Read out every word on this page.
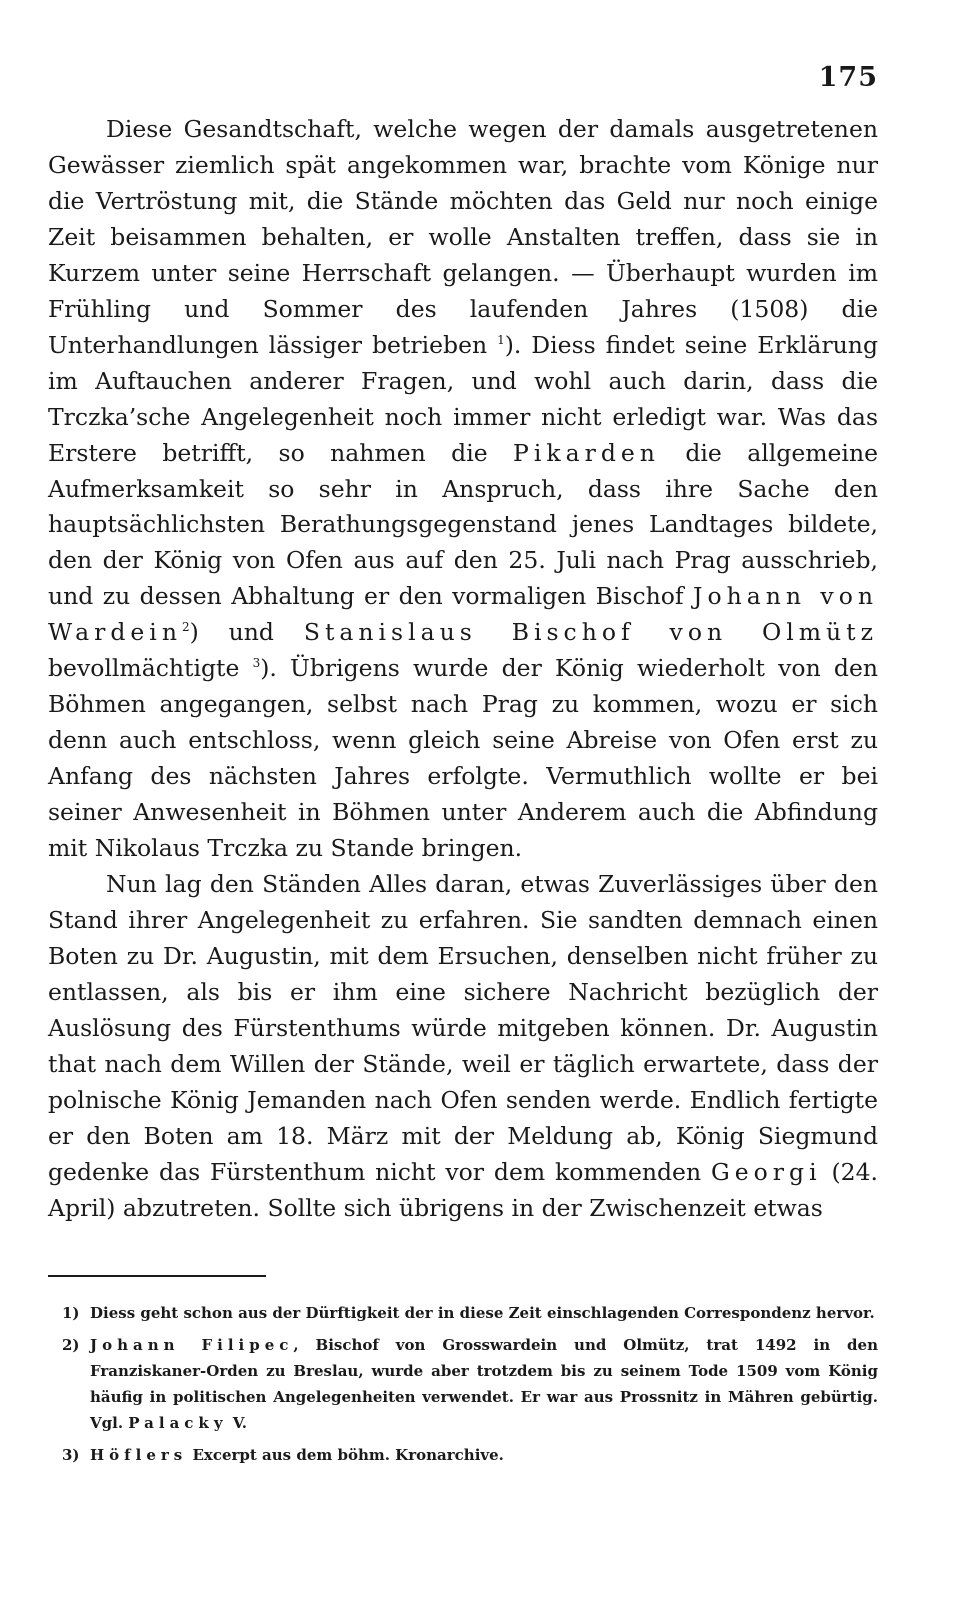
175

Diese Gesandtschaft, welche wegen der damals ausgetretenen Gewässer ziemlich spät angekommen war, brachte vom Könige nur die Vertröstung mit, die Stände möchten das Geld nur noch einige Zeit beisammen behalten, er wolle Anstalten treffen, dass sie in Kurzem unter seine Herrschaft gelangen. — Überhaupt wurden im Frühling und Sommer des laufenden Jahres (1508) die Unterhandlungen lässiger betrieben $^1$). Diess findet seine Erklärung im Auftauchen anderer Fragen, und wohl auch darin, dass die Trczka’sche Angelegenheit noch immer nicht erledigt war. Was das Erstere betrifft, so nahmen die Pikarden die allgemeine Aufmerksamkeit so sehr in Anspruch, dass ihre Sache den hauptsächlichsten Berathungsgegenstand jenes Landtages bildete, den der König von Ofen aus auf den 25. Juli nach Prag ausschrieb, und zu dessen Abhaltung er den vormaligen Bischof Johann von Wardein$^2$) und Stanislaus Bischof von Olmütz bevollmächtigte $^3$). Übrigens wurde der König wiederholt von den Böhmen angegangen, selbst nach Prag zu kommen, wozu er sich denn auch entschloss, wenn gleich seine Abreise von Ofen erst zu Anfang des nächsten Jahres erfolgte. Vermuthlich wollte er bei seiner Anwesenheit in Böhmen unter Anderem auch die Abfindung mit Nikolaus Trczka zu Stande bringen.

Nun lag den Ständen Alles daran, etwas Zuverlässiges über den Stand ihrer Angelegenheit zu erfahren. Sie sandten demnach einen Boten zu Dr. Augustin, mit dem Ersuchen, denselben nicht früher zu entlassen, als bis er ihm eine sichere Nachricht bezüglich der Auslösung des Fürstenthums würde mitgeben können. Dr. Augustin that nach dem Willen der Stände, weil er täglich erwartete, dass der polnische König Jemanden nach Ofen senden werde. Endlich fertigte er den Boten am 18. März mit der Meldung ab, König Siegmund gedenke das Fürstenthum nicht vor dem kommenden Georgi (24. April) abzutreten. Sollte sich übrigens in der Zwischenzeit etwas

1) Diess geht schon aus der Dürftigkeit der in diese Zeit einschlagenden Correspondenz hervor.
2) Johann Filipec, Bischof von Grosswardein und Olmütz, trat 1492 in den Franziskaner-Orden zu Breslau, wurde aber trotzdem bis zu seinem Tode 1509 vom König häufig in politischen Angelegenheiten verwendet. Er war aus Prossnitz in Mähren gebürtig. Vgl. Palacky V.
3) Höflers Excerpt aus dem böhm. Kronarchive.
